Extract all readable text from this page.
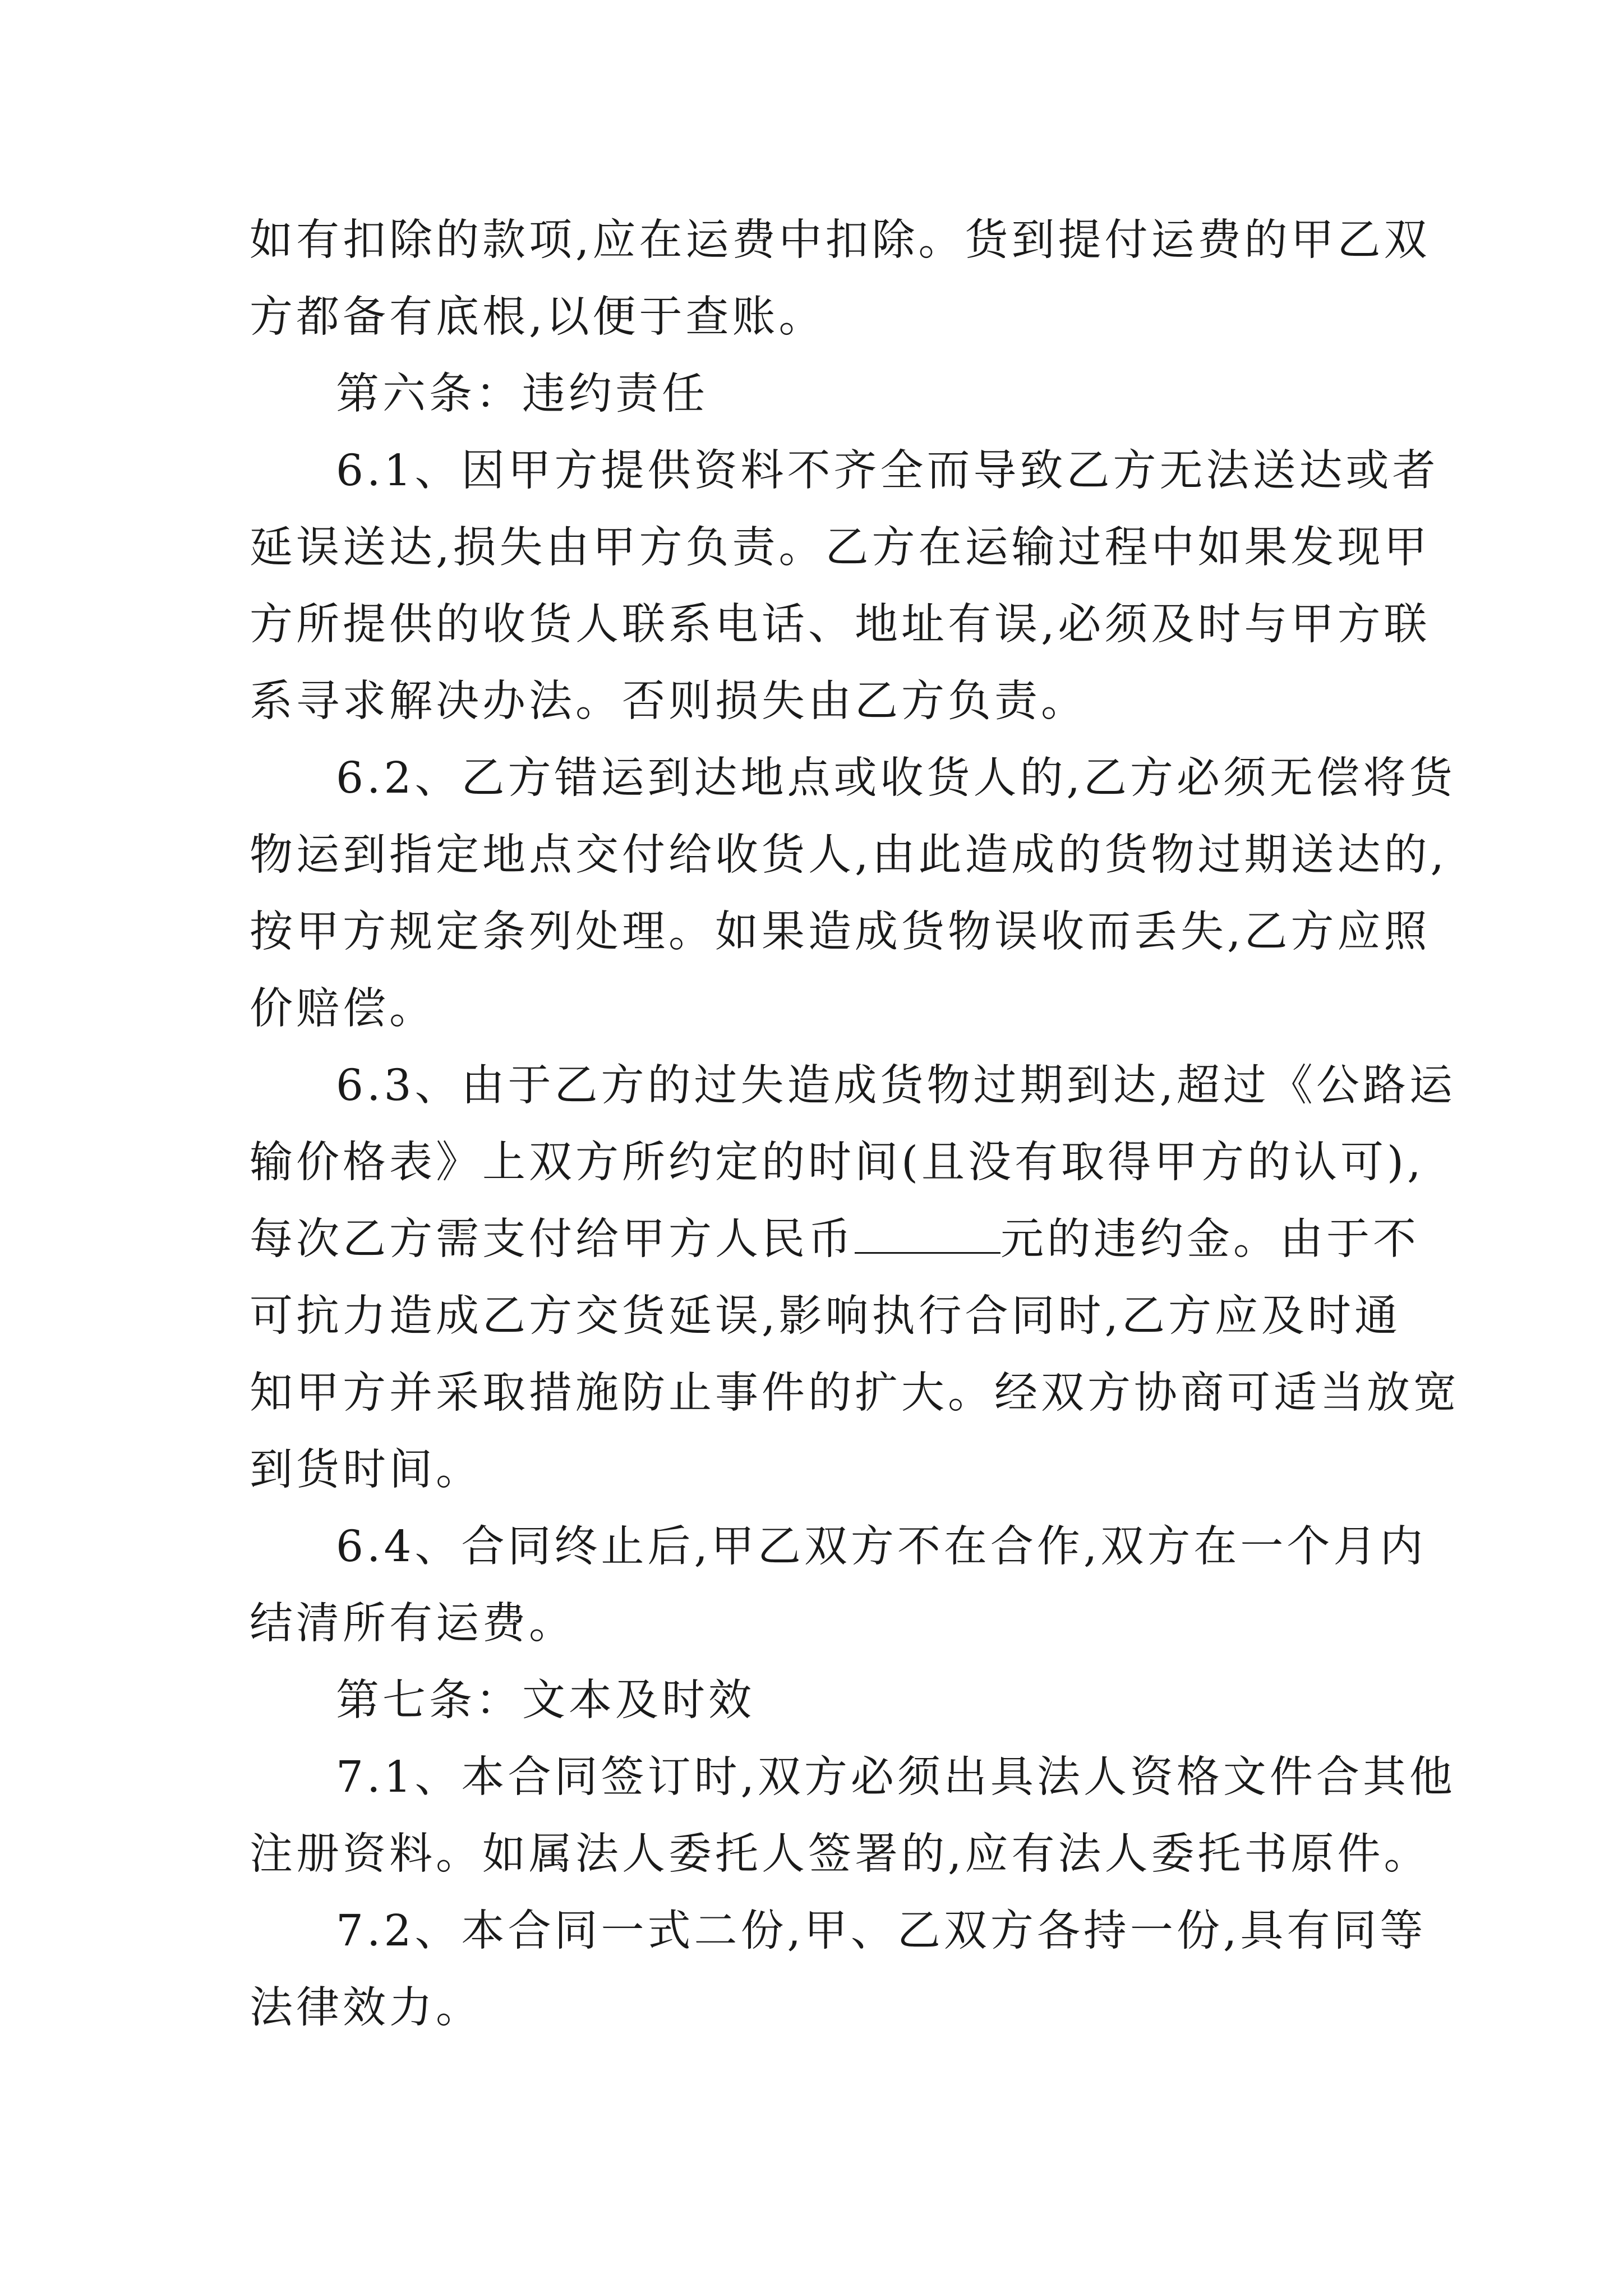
如有扣除的款项,应在运费中扣除。货到提付运费的甲乙双
方都备有底根,以便于查账。
第六条：违约责任
6.1、因甲方提供资料不齐全而导致乙方无法送达或者
延误送达,损失由甲方负责。乙方在运输过程中如果发现甲
方所提供的收货人联系电话、地址有误,必须及时与甲方联
系寻求解决办法。否则损失由乙方负责。
6.2、乙方错运到达地点或收货人的,乙方必须无偿将货
物运到指定地点交付给收货人,由此造成的货物过期送达的,
按甲方规定条列处理。如果造成货物误收而丢失,乙方应照
价赔偿。
6.3、由于乙方的过失造成货物过期到达,超过《公路运
输价格表》上双方所约定的时间(且没有取得甲方的认可),
每次乙方需支付给甲方人民币	元的违约金。由于不
可抗力造成乙方交货延误,影响执行合同时,乙方应及时通
知甲方并采取措施防止事件的扩大。经双方协商可适当放宽
到货时间。
6.4、合同终止后,甲乙双方不在合作,双方在一个月内
结清所有运费。
第七条：文本及时效
7.1、本合同签订时,双方必须出具法人资格文件合其他
注册资料。如属法人委托人签署的,应有法人委托书原件。
7.2、本合同一式二份,甲、乙双方各持一份,具有同等
法律效力。
